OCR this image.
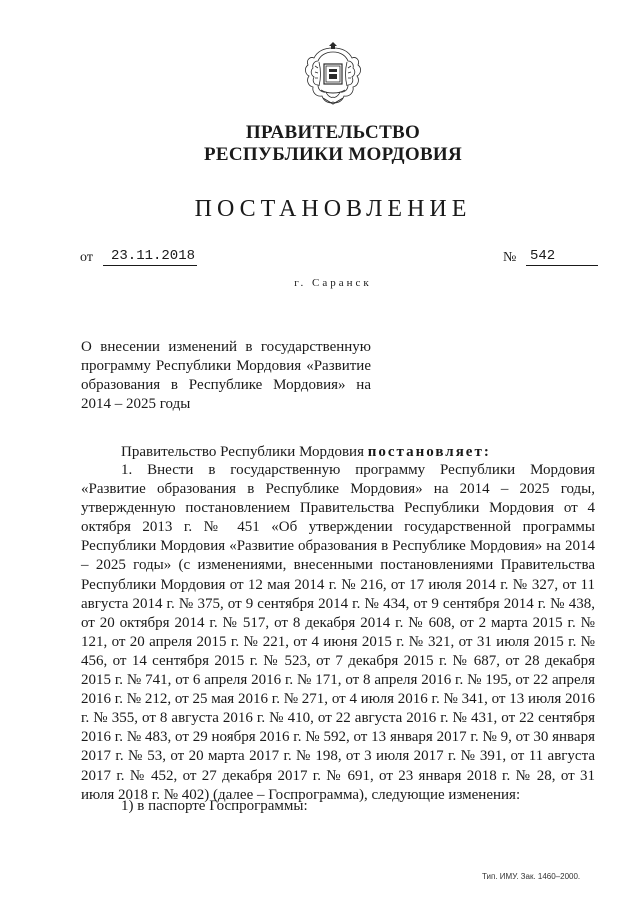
ПРАВИТЕЛЬСТВО
РЕСПУБЛИКИ МОРДОВИЯ
ПОСТАНОВЛЕНИЕ
от	23.11.2018	№ 542
г. Саранск
О внесении изменений в государственную программу Республики Мордовия «Развитие образования в Республике Мордовия» на 2014 – 2025 годы
Правительство Республики Мордовия постановляет:
1. Внести в государственную программу Республики Мордовия «Развитие образования в Республике Мордовия» на 2014 – 2025 годы, утвержденную постановлением Правительства Республики Мордовия от 4 октября 2013 г. № 451 «Об утверждении государственной программы Республики Мордовия «Развитие образования в Республике Мордовия» на 2014 – 2025 годы» (с изменениями, внесенными постановлениями Правительства Республики Мордовия от 12 мая 2014 г. № 216, от 17 июля 2014 г. № 327, от 11 августа 2014 г. № 375, от 9 сентября 2014 г. № 434, от 9 сентября 2014 г. № 438, от 20 октября 2014 г. № 517, от 8 декабря 2014 г. № 608, от 2 марта 2015 г. № 121, от 20 апреля 2015 г. № 221, от 4 июня 2015 г. № 321, от 31 июля 2015 г. № 456, от 14 сентября 2015 г. № 523, от 7 декабря 2015 г. № 687, от 28 декабря 2015 г. № 741, от 6 апреля 2016 г. № 171, от 8 апреля 2016 г. № 195, от 22 апреля 2016 г. № 212, от 25 мая 2016 г. № 271, от 4 июля 2016 г. № 341, от 13 июля 2016 г. № 355, от 8 августа 2016 г. № 410, от 22 августа 2016 г. № 431, от 22 сентября 2016 г. № 483, от 29 ноября 2016 г. № 592, от 13 января 2017 г. № 9, от 30 января 2017 г. № 53, от 20 марта 2017 г. № 198, от 3 июля 2017 г. № 391, от 11 августа 2017 г. № 452, от 27 декабря 2017 г. № 691, от 23 января 2018 г. № 28, от 31 июля 2018 г. № 402) (далее – Госпрограмма), следующие изменения:
1) в паспорте Госпрограммы:
Тип. ИМУ. Зак. 1460–2000.
